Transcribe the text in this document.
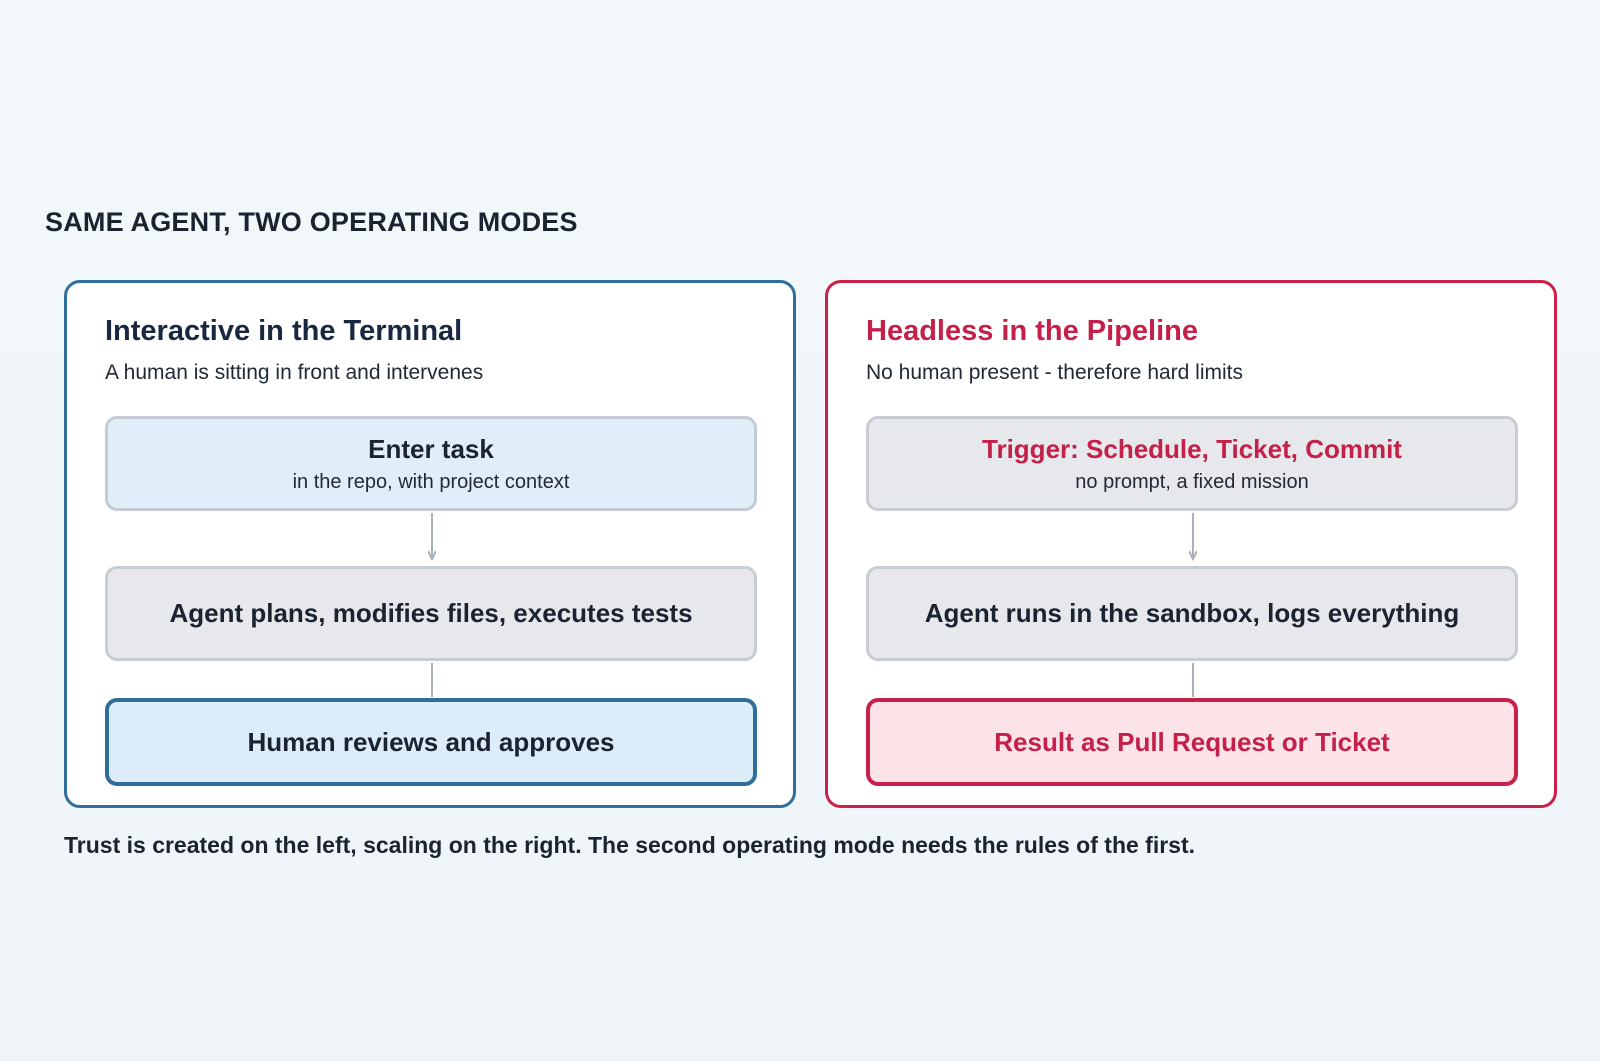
SAME AGENT, TWO OPERATING MODES
Interactive in the Terminal
A human is sitting in front and intervenes
Enter task
in the repo, with project context
Agent plans, modifies files, executes tests
Human reviews and approves
Headless in the Pipeline
No human present - therefore hard limits
Trigger: Schedule, Ticket, Commit
no prompt, a fixed mission
Agent runs in the sandbox, logs everything
Result as Pull Request or Ticket
Trust is created on the left, scaling on the right. The second operating mode needs the rules of the first.
